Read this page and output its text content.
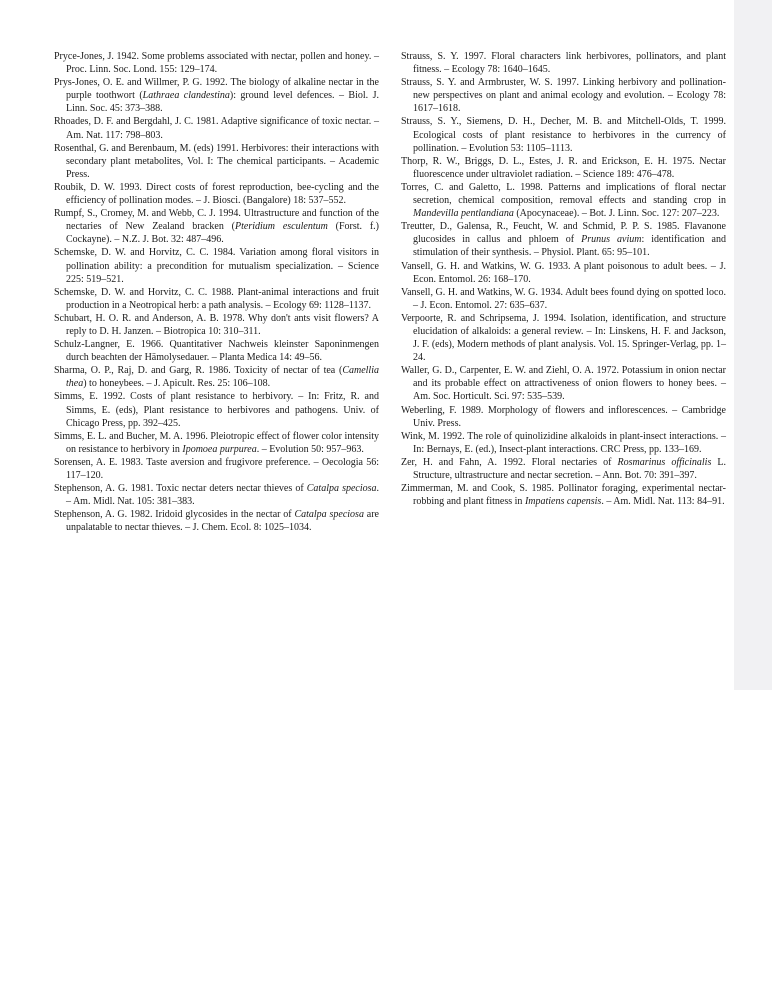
Pryce-Jones, J. 1942. Some problems associated with nectar, pollen and honey. – Proc. Linn. Soc. Lond. 155: 129–174.

Prys-Jones, O. E. and Willmer, P. G. 1992. The biology of alkaline nectar in the purple toothwort (Lathraea clandestina): ground level defences. – Biol. J. Linn. Soc. 45: 373–388.

Rhoades, D. F. and Bergdahl, J. C. 1981. Adaptive significance of toxic nectar. – Am. Nat. 117: 798–803.

Rosenthal, G. and Berenbaum, M. (eds) 1991. Herbivores: their interactions with secondary plant metabolites, Vol. I: The chemical participants. – Academic Press.

Roubik, D. W. 1993. Direct costs of forest reproduction, bee-cycling and the efficiency of pollination modes. – J. Biosci. (Bangalore) 18: 537–552.

Rumpf, S., Cromey, M. and Webb, C. J. 1994. Ultrastructure and function of the nectaries of New Zealand bracken (Pteridium esculentum (Forst. f.) Cockayne). – N.Z. J. Bot. 32: 487–496.

Schemske, D. W. and Horvitz, C. C. 1984. Variation among floral visitors in pollination ability: a precondition for mutualism specialization. – Science 225: 519–521.

Schemske, D. W. and Horvitz, C. C. 1988. Plant-animal interactions and fruit production in a Neotropical herb: a path analysis. – Ecology 69: 1128–1137.

Schubart, H. O. R. and Anderson, A. B. 1978. Why don't ants visit flowers? A reply to D. H. Janzen. – Biotropica 10: 310–311.

Schulz-Langner, E. 1966. Quantitativer Nachweis kleinster Saponinmengen durch beachten der Hämolysedauer. – Planta Medica 14: 49–56.

Sharma, O. P., Raj, D. and Garg, R. 1986. Toxicity of nectar of tea (Camellia thea) to honeybees. – J. Apicult. Res. 25: 106–108.

Simms, E. 1992. Costs of plant resistance to herbivory. – In: Fritz, R. and Simms, E. (eds), Plant resistance to herbivores and pathogens. Univ. of Chicago Press, pp. 392–425.

Simms, E. L. and Bucher, M. A. 1996. Pleiotropic effect of flower color intensity on resistance to herbivory in Ipomoea purpurea. – Evolution 50: 957–963.

Sorensen, A. E. 1983. Taste aversion and frugivore preference. – Oecologia 56: 117–120.

Stephenson, A. G. 1981. Toxic nectar deters nectar thieves of Catalpa speciosa. – Am. Midl. Nat. 105: 381–383.

Stephenson, A. G. 1982. Iridoid glycosides in the nectar of Catalpa speciosa are unpalatable to nectar thieves. – J. Chem. Ecol. 8: 1025–1034.

Strauss, S. Y. 1997. Floral characters link herbivores, pollinators, and plant fitness. – Ecology 78: 1640–1645.

Strauss, S. Y. and Armbruster, W. S. 1997. Linking herbivory and pollination-new perspectives on plant and animal ecology and evolution. – Ecology 78: 1617–1618.

Strauss, S. Y., Siemens, D. H., Decher, M. B. and Mitchell-Olds, T. 1999. Ecological costs of plant resistance to herbivores in the currency of pollination. – Evolution 53: 1105–1113.

Thorp, R. W., Briggs, D. L., Estes, J. R. and Erickson, E. H. 1975. Nectar fluorescence under ultraviolet radiation. – Science 189: 476–478.

Torres, C. and Galetto, L. 1998. Patterns and implications of floral nectar secretion, chemical composition, removal effects and standing crop in Mandevilla pentlandiana (Apocynaceae). – Bot. J. Linn. Soc. 127: 207–223.

Treutter, D., Galensa, R., Feucht, W. and Schmid, P. P. S. 1985. Flavanone glucosides in callus and phloem of Prunus avium: identification and stimulation of their synthesis. – Physiol. Plant. 65: 95–101.

Vansell, G. H. and Watkins, W. G. 1933. A plant poisonous to adult bees. – J. Econ. Entomol. 26: 168–170.

Vansell, G. H. and Watkins, W. G. 1934. Adult bees found dying on spotted loco. – J. Econ. Entomol. 27: 635–637.

Verpoorte, R. and Schripsema, J. 1994. Isolation, identification, and structure elucidation of alkaloids: a general review. – In: Linskens, H. F. and Jackson, J. F. (eds), Modern methods of plant analysis. Vol. 15. Springer-Verlag, pp. 1–24.

Waller, G. D., Carpenter, E. W. and Ziehl, O. A. 1972. Potassium in onion nectar and its probable effect on attractiveness of onion flowers to honey bees. – Am. Soc. Horticult. Sci. 97: 535–539.

Weberling, F. 1989. Morphology of flowers and inflorescences. – Cambridge Univ. Press.

Wink, M. 1992. The role of quinolizidine alkaloids in plant-insect interactions. – In: Bernays, E. (ed.), Insect-plant interactions. CRC Press, pp. 133–169.

Zer, H. and Fahn, A. 1992. Floral nectaries of Rosmarinus officinalis L. Structure, ultrastructure and nectar secretion. – Ann. Bot. 70: 391–397.

Zimmerman, M. and Cook, S. 1985. Pollinator foraging, experimental nectar-robbing and plant fitness in Impatiens capensis. – Am. Midl. Nat. 113: 84–91.
